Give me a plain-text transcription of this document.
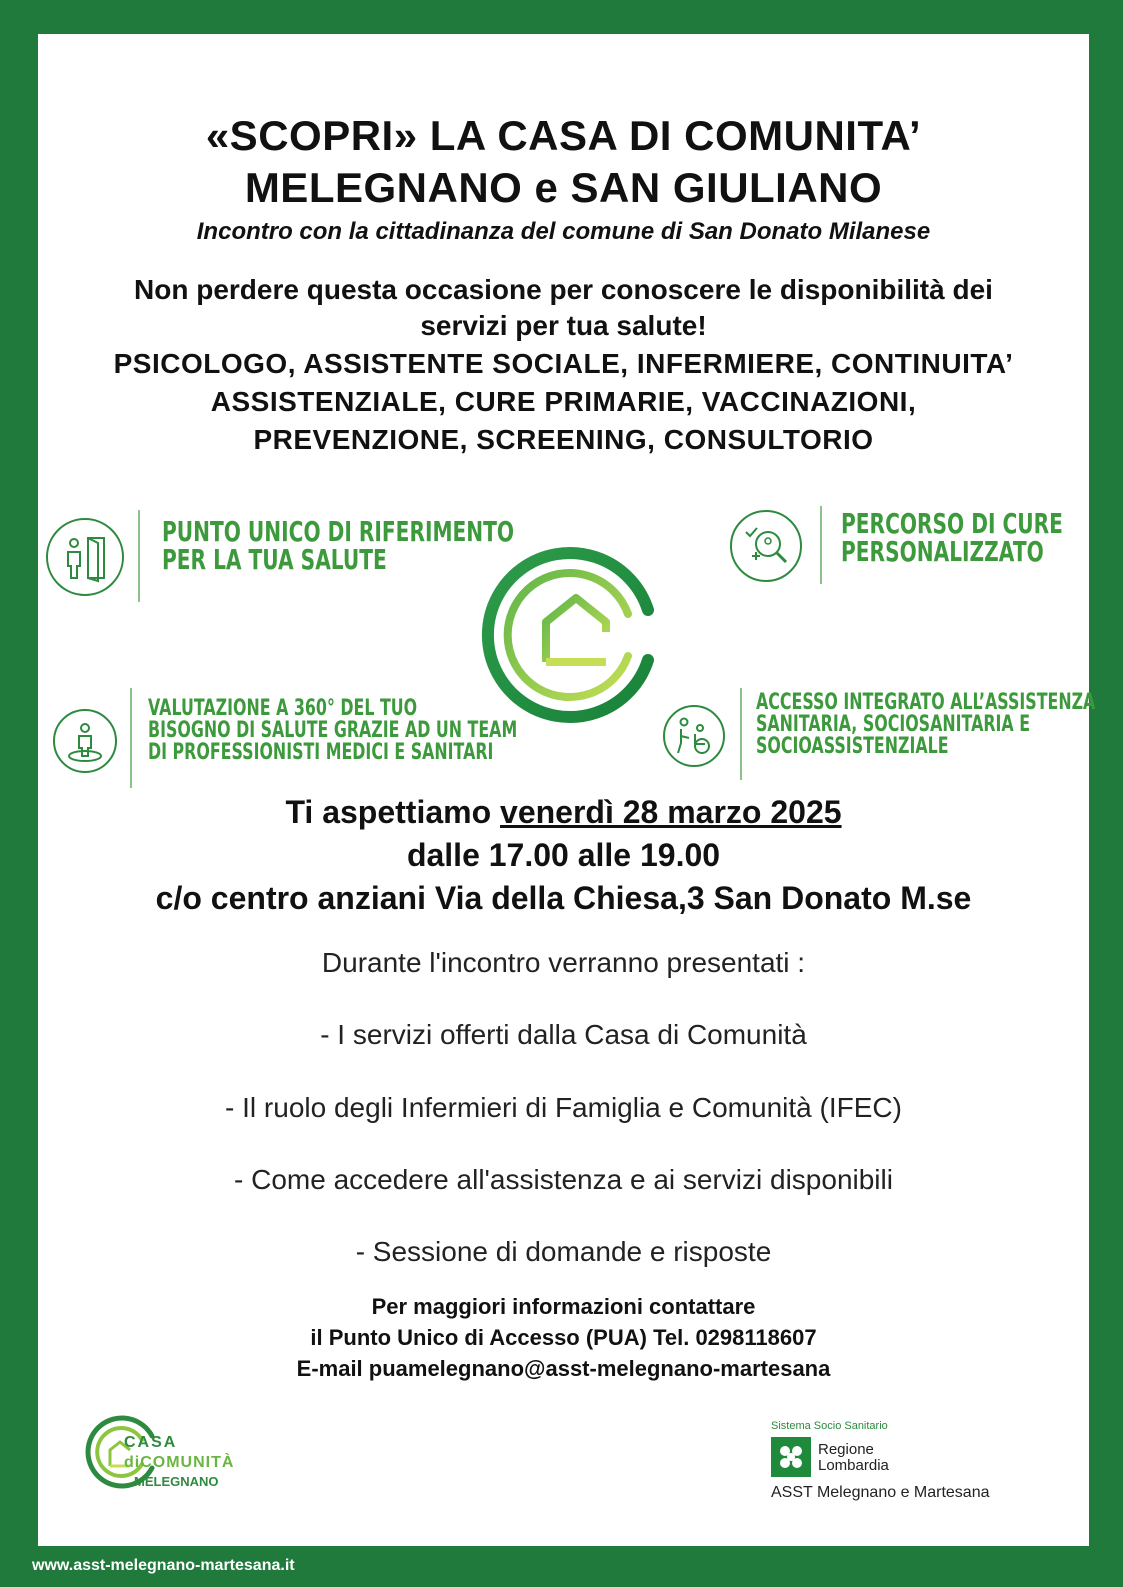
«SCOPRI» LA CASA DI COMUNITA’
MELEGNANO e SAN GIULIANO
Incontro con la cittadinanza del comune di San Donato Milanese
Non perdere questa occasione per conoscere le disponibilità dei
servizi per tua salute!
PSICOLOGO, ASSISTENTE SOCIALE, INFERMIERE, CONTINUITA’
ASSISTENZIALE, CURE PRIMARIE, VACCINAZIONI,
PREVENZIONE, SCREENING, CONSULTORIO
PUNTO UNICO DI RIFERIMENTO
PER LA TUA SALUTE
PERCORSO DI CURE
PERSONALIZZATO
VALUTAZIONE A 360° DEL TUO
BISOGNO DI SALUTE GRAZIE AD UN TEAM
DI PROFESSIONISTI MEDICI E SANITARI
ACCESSO INTEGRATO ALL’ASSISTENZA
SANITARIA, SOCIOSANITARIA E
SOCIOASSISTENZIALE
Ti aspettiamo venerdì 28 marzo 2025
dalle 17.00 alle 19.00
c/o centro anziani Via della Chiesa,3 San Donato M.se
Durante l'incontro verranno presentati :
- I servizi offerti dalla Casa di Comunità
- Il ruolo degli Infermieri di Famiglia e Comunità (IFEC)
- Come accedere all'assistenza e ai servizi disponibili
- Sessione di domande e risposte
Per maggiori informazioni contattare
il Punto Unico di Accesso (PUA) Tel. 0298118607
E-mail puamelegnano@asst-melegnano-martesana
CASA
diCOMUNITÀ
MELEGNANO
Sistema Socio Sanitario
Regione
Lombardia
ASST Melegnano e Martesana
www.asst-melegnano-martesana.it
